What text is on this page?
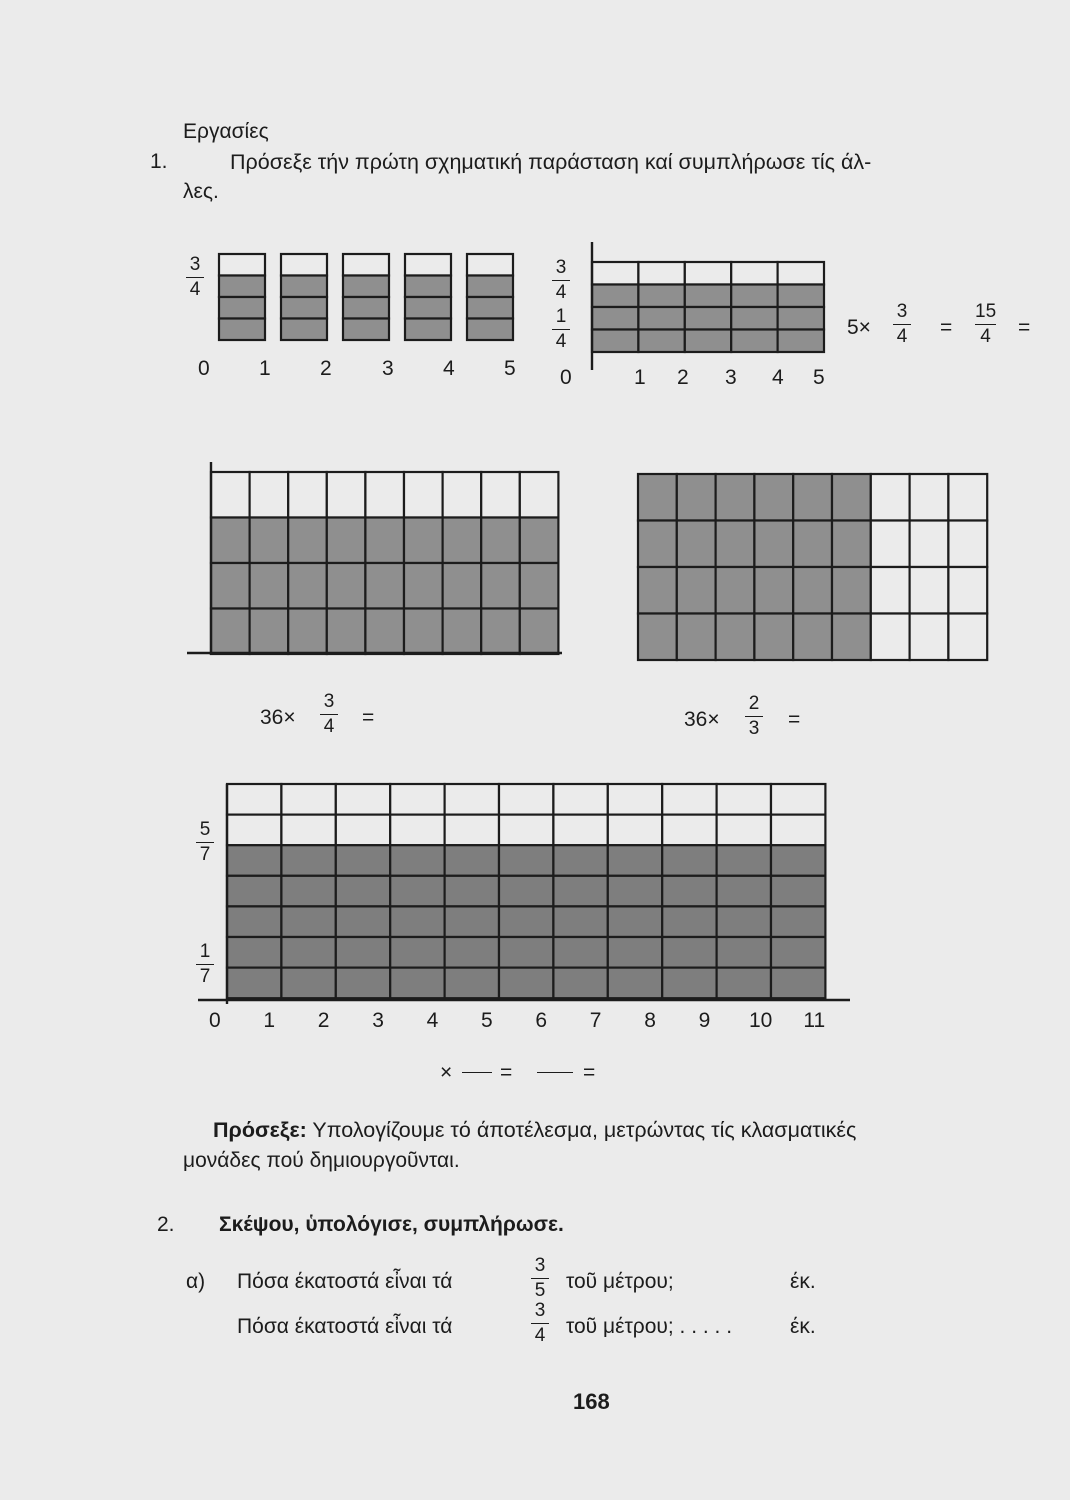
Εργασίες
1.	Πρόσεξε τήν πρώτη σχηματική παράσταση καί συμπλήρωσε τίς άλ-
λες.
3
4
0 1 2 3 4 5
3
4
1
4
0	1 2 3 4 5
5×
3
4 =
15
4 =
36×
3
4 =	36×
2
3 =
5
7
1
7
0 1 2 3 4 5 6 7 8 9 10 11
× =	=
Πρόσεξε: Υπολογίζουμε τό άποτέλεσμα, μετρώντας τίς κλασματικές
μονάδες πού δημιουργοῦνται.
2. Σκέψου, ὑπολόγισε, συμπλήρωσε.
α) Πόσα έκατοστά εἶναι τά
3
5 τοῦ μέτρου;	έκ.
Πόσα έκατοστά εἶναι τά
3
4 τοῦ μέτρου; . . . . .	έκ.
168
